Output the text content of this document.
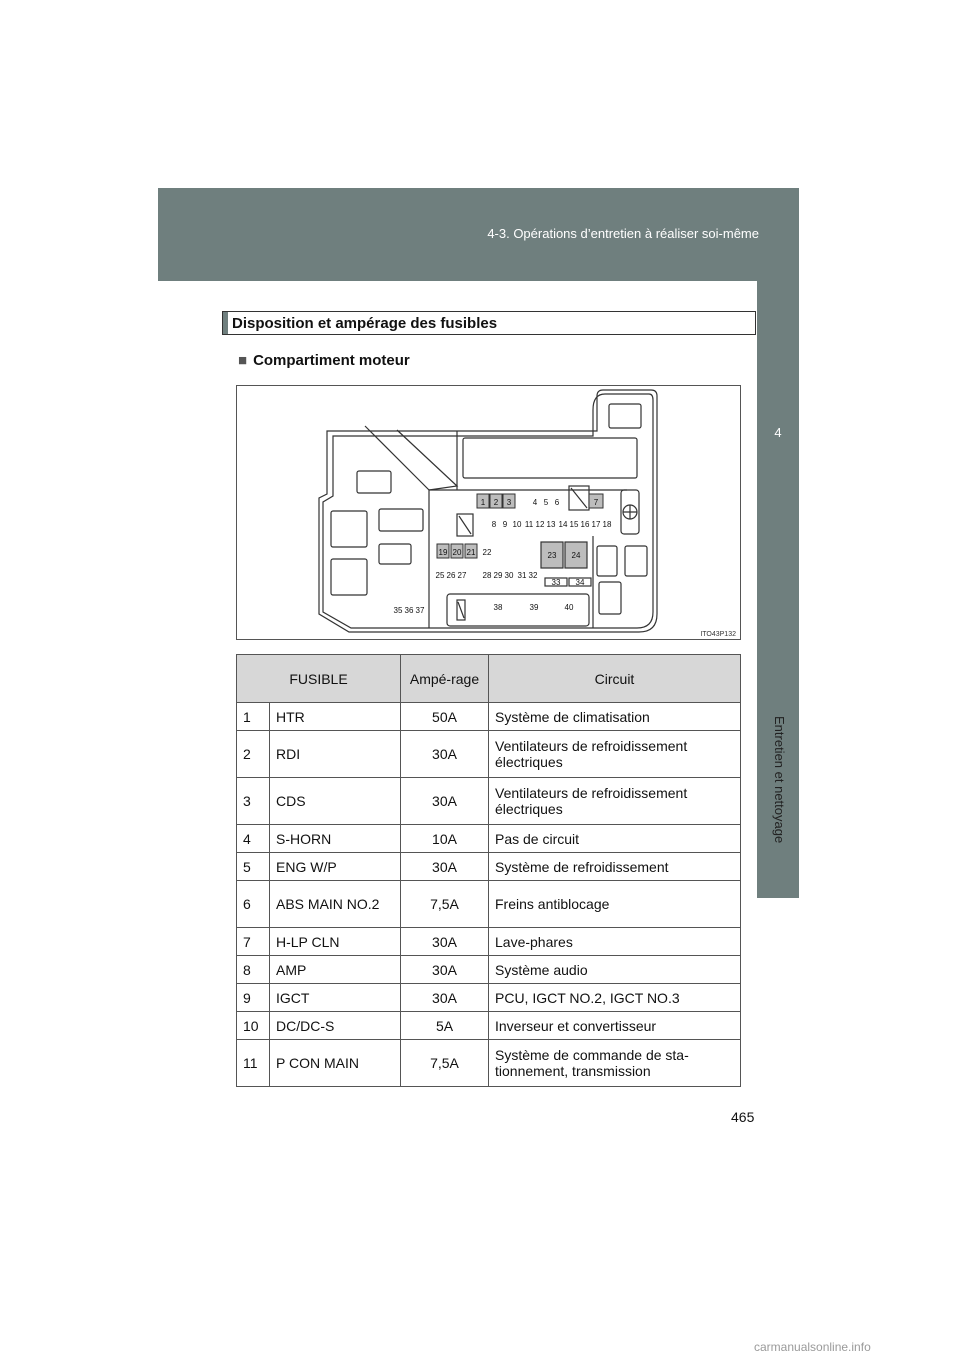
4-3. Opérations d’entretien à réaliser soi-même
4
Entretien et nettoyage
Disposition et ampérage des fusibles
■ Compartiment moteur
1 2 3	4 5 6	7
8 9 10 11 12 13 14 15 16 17 18
19 20 21 22	23 24
25 26 27 28 29 30 31 32
33 34
35 36 37	38	39	40
ITO43P132
FUSIBLE		Ampé-rage	Circuit
1	HTR	50A	Système de climatisation
2	RDI	30A	Ventilateurs de refroidissement électriques
3	CDS	30A	Ventilateurs de refroidissement électriques
4	S-HORN	10A	Pas de circuit
5	ENG W/P	30A	Système de refroidissement
6	ABS MAIN NO.2	7,5A	Freins antiblocage
7	H-LP CLN	30A	Lave-phares
8	AMP	30A	Système audio
9	IGCT	30A	PCU, IGCT NO.2, IGCT NO.3
10	DC/DC-S	5A	Inverseur et convertisseur
11	P CON MAIN	7,5A	Système de commande de sta-tionnement, transmission
465
carmanualsonline.info
